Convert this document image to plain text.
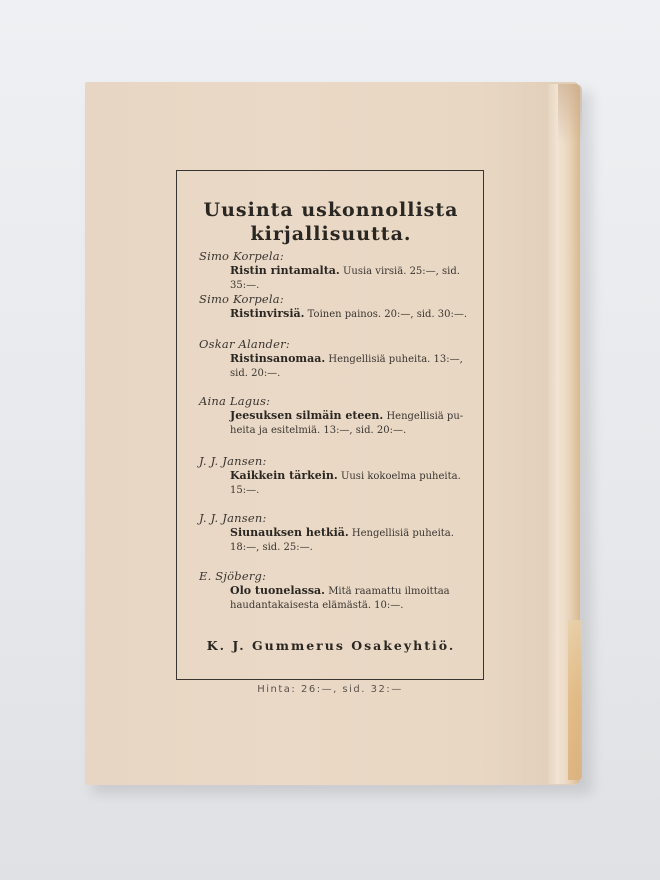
Uusinta uskonnollista
kirjallisuutta.
Simo Korpela:
Ristin rintamalta. Uusia virsiä. 25:—, sid. 35:—.
Simo Korpela:
Ristinvirsiä. Toinen painos. 20:—, sid. 30:—.
Oskar Alander:
Ristinsanomaa. Hengellisiä puheita. 13:—,
sid. 20:—.
Aina Lagus:
Jeesuksen silmäin eteen. Hengellisiä pu-
heita ja esitelmiä. 13:—, sid. 20:—.
J. J. Jansen:
Kaikkein tärkein. Uusi kokoelma puheita.
15:—.
J. J. Jansen:
Siunauksen hetkiä. Hengellisiä puheita.
18:—, sid. 25:—.
E. Sjöberg:
Olo tuonelassa. Mitä raamattu ilmoittaa
haudantakaisesta elämästä. 10:—.
K. J. Gummerus Osakeyhtiö.
Hinta: 26:—, sid. 32:—
